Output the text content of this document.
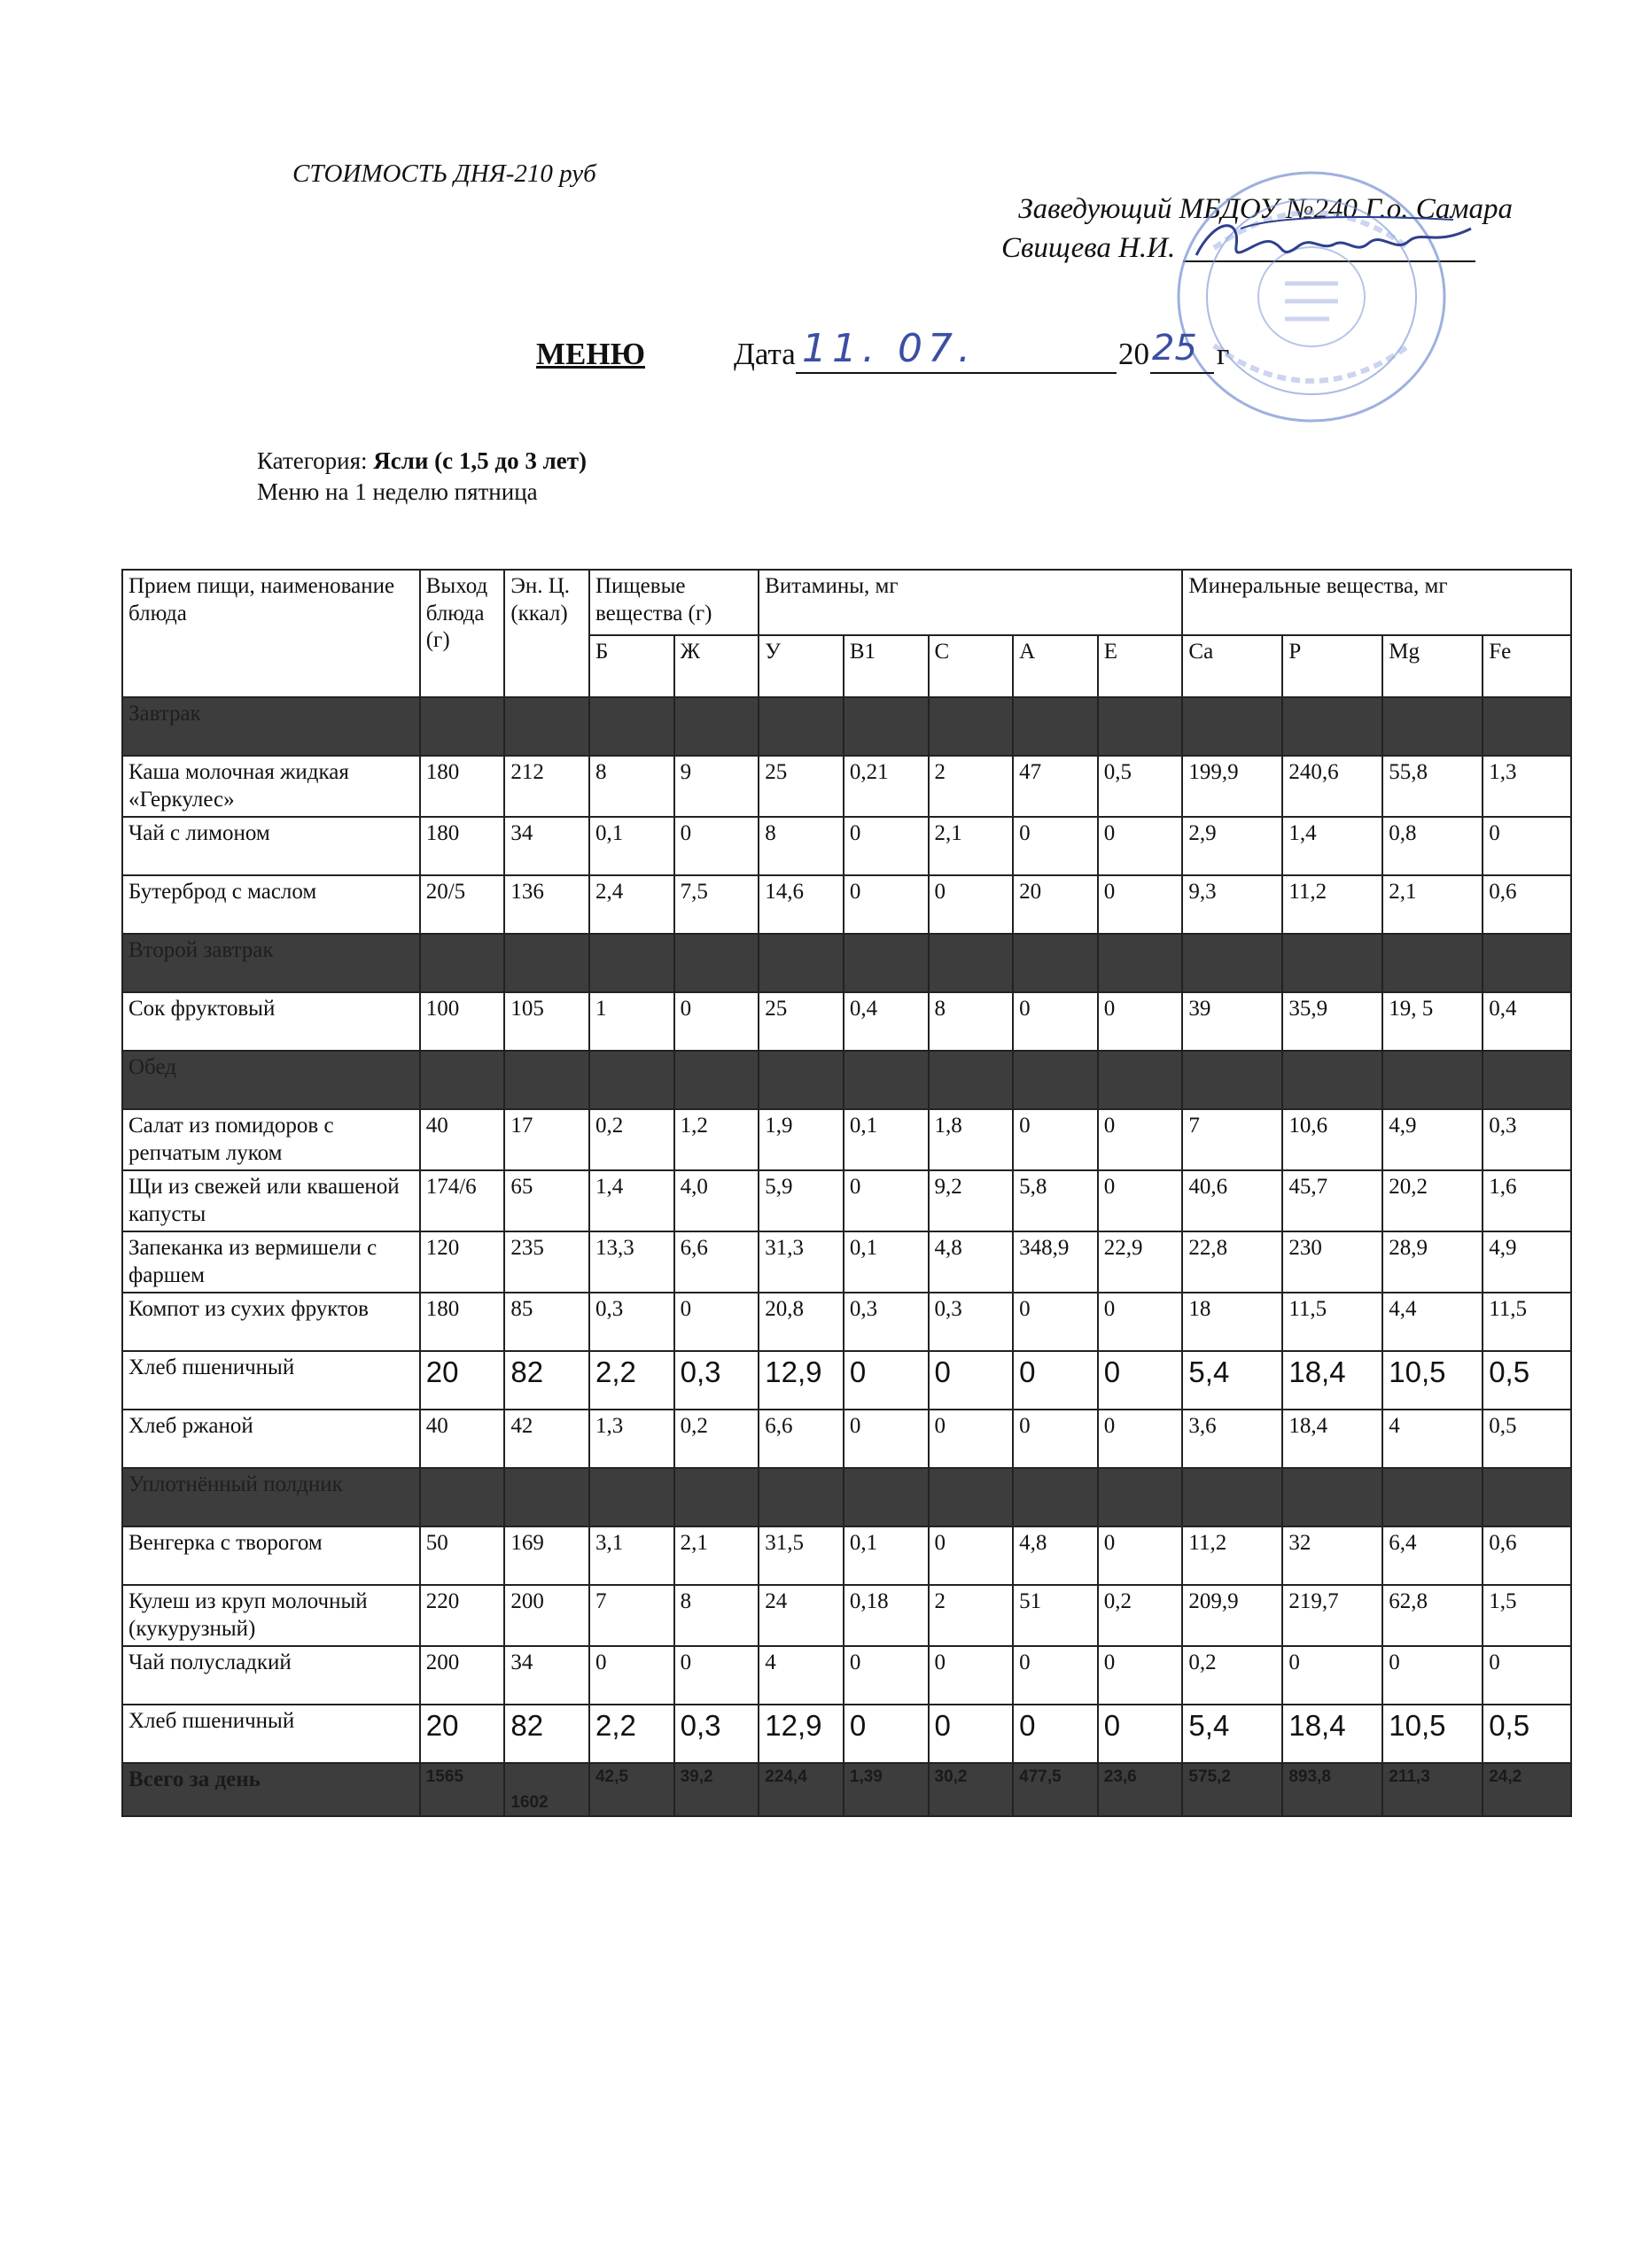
СТОИМОСТЬ ДНЯ-210 руб
Заведующий МБДОУ №240 Г.о. Самара
Свищева Н.И.
МЕНЮ	Дата 11. 07.	20 25 г
Категория: Ясли (с 1,5 до 3 лет)
Меню на 1 неделю пятница
Прием пищи, наименование блюда	Выход блюда (г)	Эн. Ц. (ккал)	Пищевые вещества (г)		Витамины, мг					Минеральные вещества, мг			
			Б	Ж	У	В1	С	А	Е	Са	Р	Mg	Fe
Завтрак													
Каша молочная жидкая «Геркулес»	180	212	8	9	25	0,21	2	47	0,5	199,9	240,6	55,8	1,3
Чай с лимоном	180	34	0,1	0	8	0	2,1	0	0	2,9	1,4	0,8	0
Бутерброд с маслом	20/5	136	2,4	7,5	14,6	0	0	20	0	9,3	11,2	2,1	0,6
Второй завтрак													
Сок фруктовый	100	105	1	0	25	0,4	8	0	0	39	35,9	19, 5	0,4
Обед													
Салат из помидоров с репчатым луком	40	17	0,2	1,2	1,9	0,1	1,8	0	0	7	10,6	4,9	0,3
Щи из свежей или квашеной капусты	174/6	65	1,4	4,0	5,9	0	9,2	5,8	0	40,6	45,7	20,2	1,6
Запеканка из вермишели с фаршем	120	235	13,3	6,6	31,3	0,1	4,8	348,9	22,9	22,8	230	28,9	4,9
Компот из сухих фруктов	180	85	0,3	0	20,8	0,3	0,3	0	0	18	11,5	4,4	11,5
Хлеб пшеничный	20	82	2,2	0,3	12,9	0	0	0	0	5,4	18,4	10,5	0,5
Хлеб ржаной	40	42	1,3	0,2	6,6	0	0	0	0	3,6	18,4	4	0,5
Уплотнённый полдник													
Венгерка с творогом	50	169	3,1	2,1	31,5	0,1	0	4,8	0	11,2	32	6,4	0,6
Кулеш из круп молочный (кукурузный)	220	200	7	8	24	0,18	2	51	0,2	209,9	219,7	62,8	1,5
Чай полусладкий	200	34	0	0	4	0	0	0	0	0,2	0	0	0
Хлеб пшеничный	20	82	2,2	0,3	12,9	0	0	0	0	5,4	18,4	10,5	0,5
Всего за день	1565	1602	42,5	39,2	224,4	1,39	30,2	477,5	23,6	575,2	893,8	211,3	24,2
